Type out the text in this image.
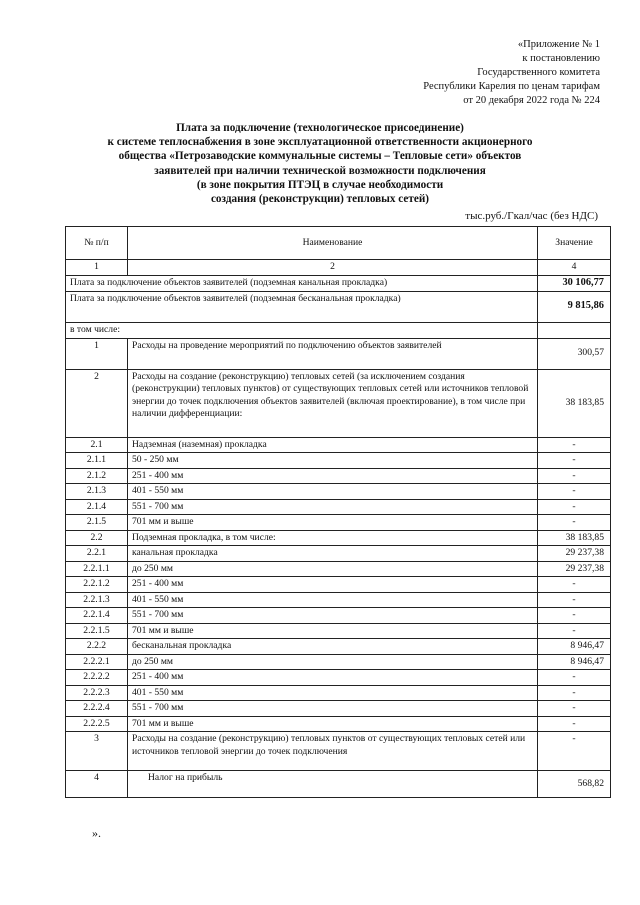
«Приложение № 1
к постановлению
Государственного комитета
Республики Карелия по ценам тарифам
от 20 декабря 2022 года № 224
Плата за подключение (технологическое присоединение)
к системе теплоснабжения в зоне эксплуатационной ответственности акционерного
общества «Петрозаводские коммунальные системы – Тепловые сети» объектов
заявителей при наличии технической возможности подключения
(в зоне покрытия ПТЭЦ в случае необходимости
создания (реконструкции) тепловых сетей)
тыс.руб./Гкал/час (без НДС)
№ п/п	Наименование	Значение
1	2	4
Плата за подключение объектов заявителей (подземная канальная прокладка)		30 106,77
Плата за подключение объектов заявителей (подземная бесканальная прокладка)		9 815,86
в том числе:		
1	Расходы на проведение мероприятий по подключению объектов заявителей	300,57
2	Расходы на создание (реконструкцию) тепловых сетей (за исключением создания (реконструкции) тепловых пунктов) от существующих тепловых сетей или источников тепловой энергии до точек подключения объектов заявителей (включая проектирование), в том числе при наличии дифференциации:	38 183,85
2.1	Надземная (наземная) прокладка	-
2.1.1	50 - 250 мм	-
2.1.2	251 - 400 мм	-
2.1.3	401 - 550 мм	-
2.1.4	551 - 700 мм	-
2.1.5	701 мм и выше	-
2.2	Подземная прокладка, в том числе:	38 183,85
2.2.1	канальная прокладка	29 237,38
2.2.1.1	до 250 мм	29 237,38
2.2.1.2	251 - 400 мм	-
2.2.1.3	401 - 550 мм	-
2.2.1.4	551 - 700 мм	-
2.2.1.5	701 мм и выше	-
2.2.2	бесканальная прокладка	8 946,47
2.2.2.1	до 250 мм	8 946,47
2.2.2.2	251 - 400 мм	-
2.2.2.3	401 - 550 мм	-
2.2.2.4	551 - 700 мм	-
2.2.2.5	701 мм и выше	-
3	Расходы на создание (реконструкцию) тепловых пунктов от существующих тепловых сетей или источников тепловой энергии до точек подключения	-
4	Налог на прибыль	568,82
».
